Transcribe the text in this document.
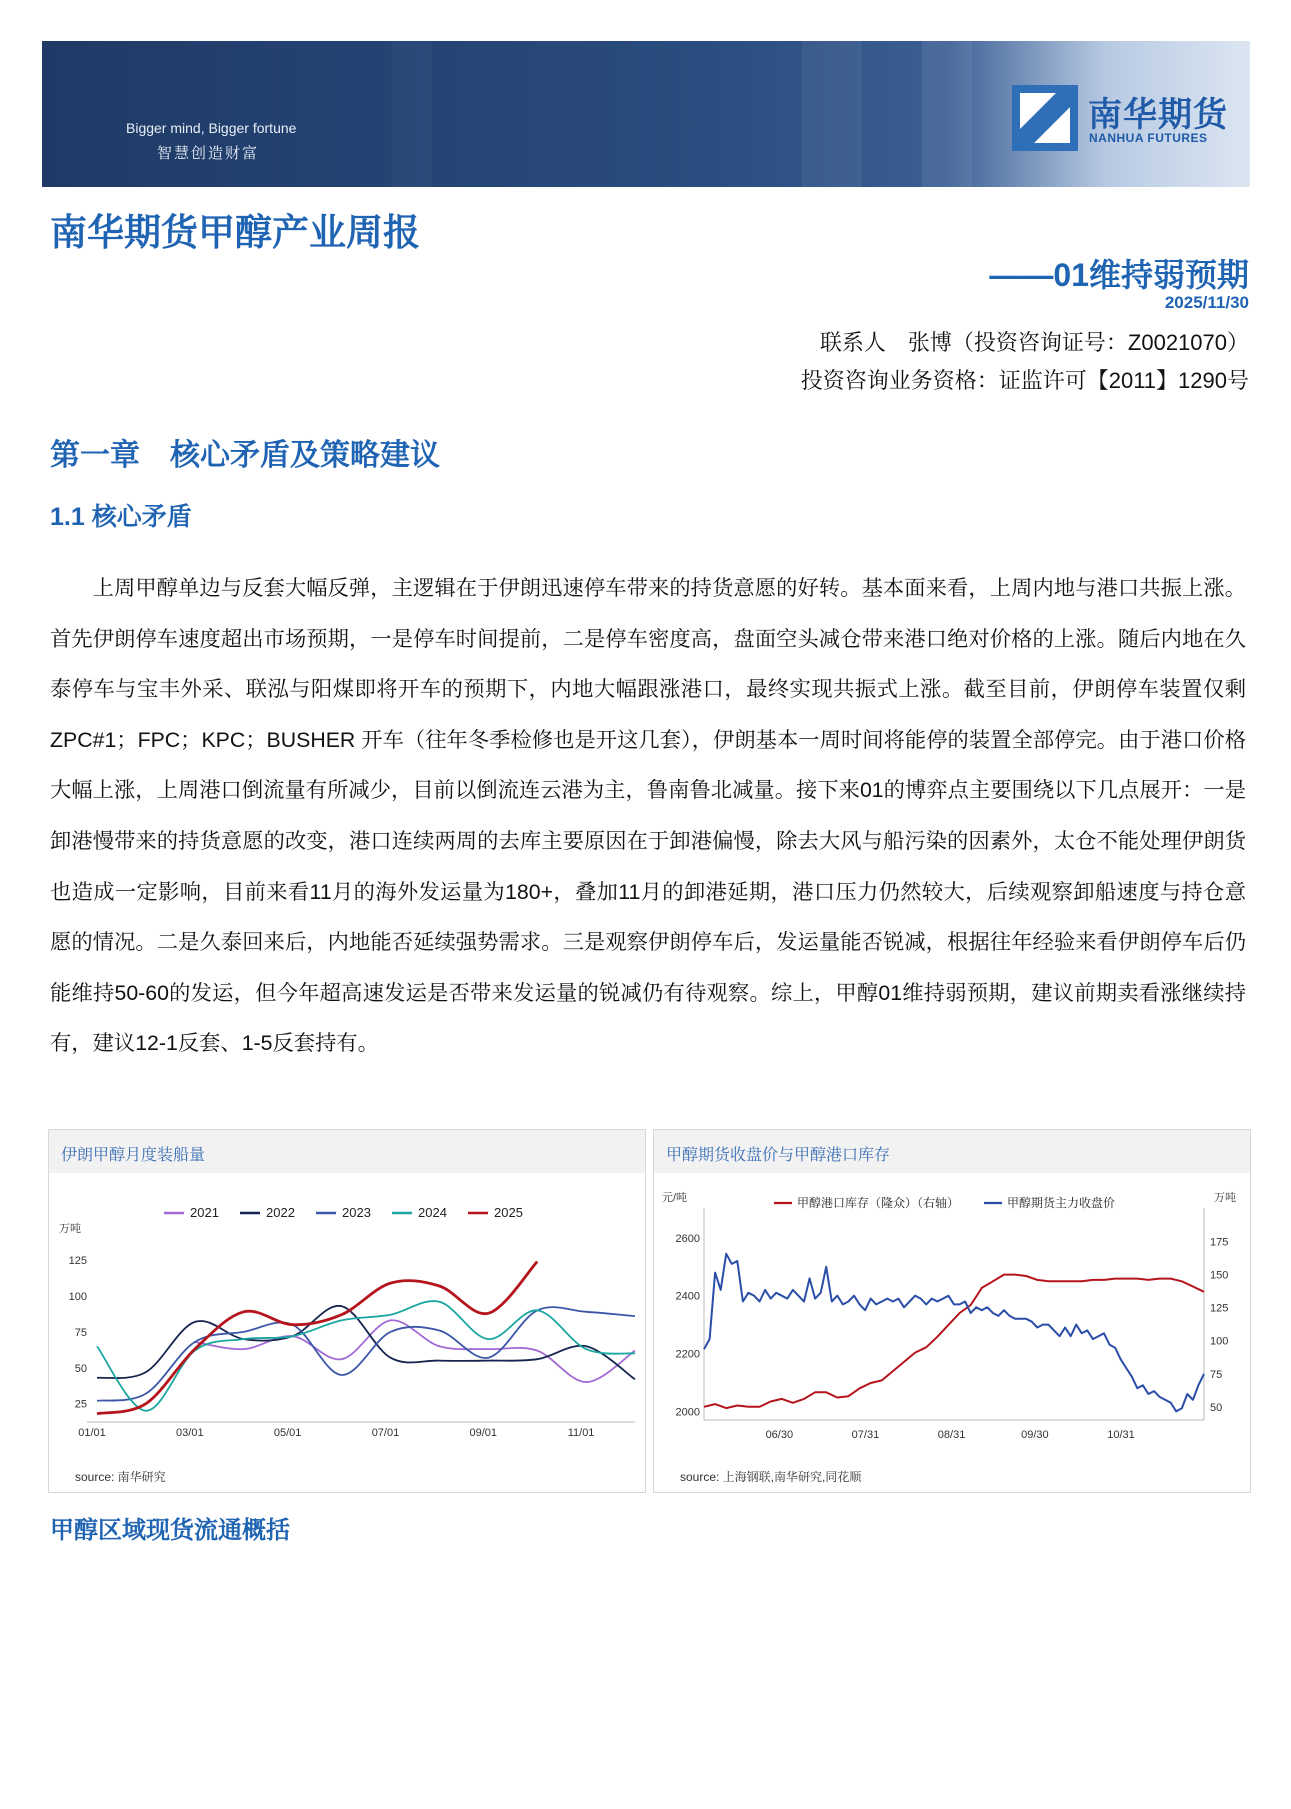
Bigger mind, Bigger fortune
智慧创造财富
南华期货
NANHUA FUTURES
南华期货甲醇产业周报
——01维持弱预期
2025/11/30
联系人　张博（投资咨询证号：Z0021070）
投资咨询业务资格：证监许可【2011】1290号
第一章　核心矛盾及策略建议
1.1 核心矛盾
上周甲醇单边与反套大幅反弹，主逻辑在于伊朗迅速停车带来的持货意愿的好转。基本面来看，上周内地与港口共振上涨。首先伊朗停车速度超出市场预期，一是停车时间提前，二是停车密度高，盘面空头减仓带来港口绝对价格的上涨。随后内地在久泰停车与宝丰外采、联泓与阳煤即将开车的预期下，内地大幅跟涨港口，最终实现共振式上涨。截至目前，伊朗停车装置仅剩 ZPC#1；FPC；KPC；BUSHER 开车（往年冬季检修也是开这几套），伊朗基本一周时间将能停的装置全部停完。由于港口价格大幅上涨，上周港口倒流量有所减少，目前以倒流连云港为主，鲁南鲁北减量。接下来01的博弈点主要围绕以下几点展开：一是卸港慢带来的持货意愿的改变，港口连续两周的去库主要原因在于卸港偏慢，除去大风与船污染的因素外，太仓不能处理伊朗货也造成一定影响，目前来看11月的海外发运量为180+，叠加11月的卸港延期，港口压力仍然较大，后续观察卸船速度与持仓意愿的情况。二是久泰回来后，内地能否延续强势需求。三是观察伊朗停车后，发运量能否锐减，根据往年经验来看伊朗停车后仍能维持50-60的发运，但今年超高速发运是否带来发运量的锐减仍有待观察。综上，甲醇01维持弱预期，建议前期卖看涨继续持有，建议12-1反套、1-5反套持有。
伊朗甲醇月度装船量
万吨
25
50
75
100
125
01/01	03/01	05/01	07/01	09/01	11/01
2021	2022	2023	2024	2025
source: 南华研究
甲醇期货收盘价与甲醇港口库存
元/吨	万吨
2000
2200
2400
2600
50
75
100
125
150
175
06/30	07/31	08/31	09/30	10/31
甲醇港口库存（隆众）（右轴）	甲醇期货主力收盘价
source: 上海钢联,南华研究,同花顺
甲醇区域现货流通概括
